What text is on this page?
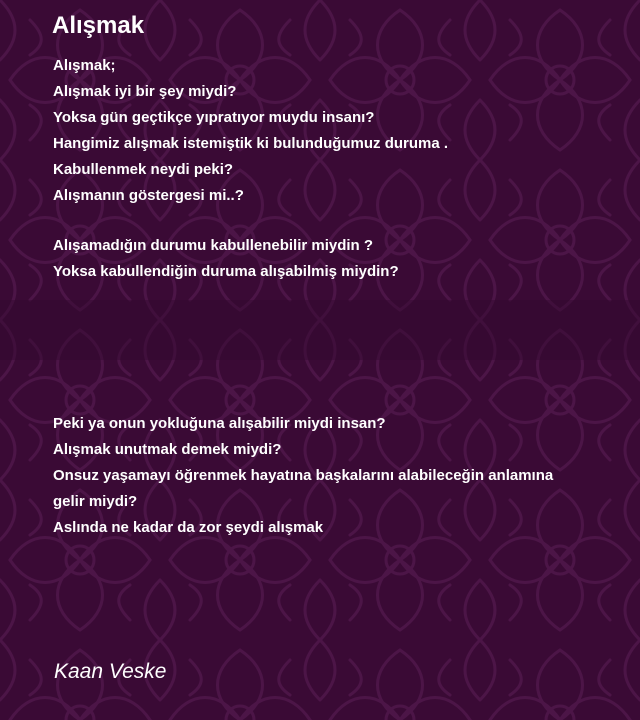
Alışmak
Alışmak;
Alışmak iyi bir şey miydi?
Yoksa gün geçtikçe yıpratıyor muydu insanı?
Hangimiz alışmak istemiştik ki bulunduğumuz duruma .
Kabullenmek neydi peki?
Alışmanın göstergesi mi..?
Alışamadığın durumu kabullenebilir miydin ?
Yoksa kabullendiğin duruma alışabilmiş miydin?
Peki ya onun yokluğuna alışabilir miydi insan?
Alışmak unutmak demek miydi?
Onsuz yaşamayı öğrenmek hayatına başkalarını alabileceğin anlamına
gelir miydi?
Aslında ne kadar da zor şeydi alışmak

Kaan Veske
